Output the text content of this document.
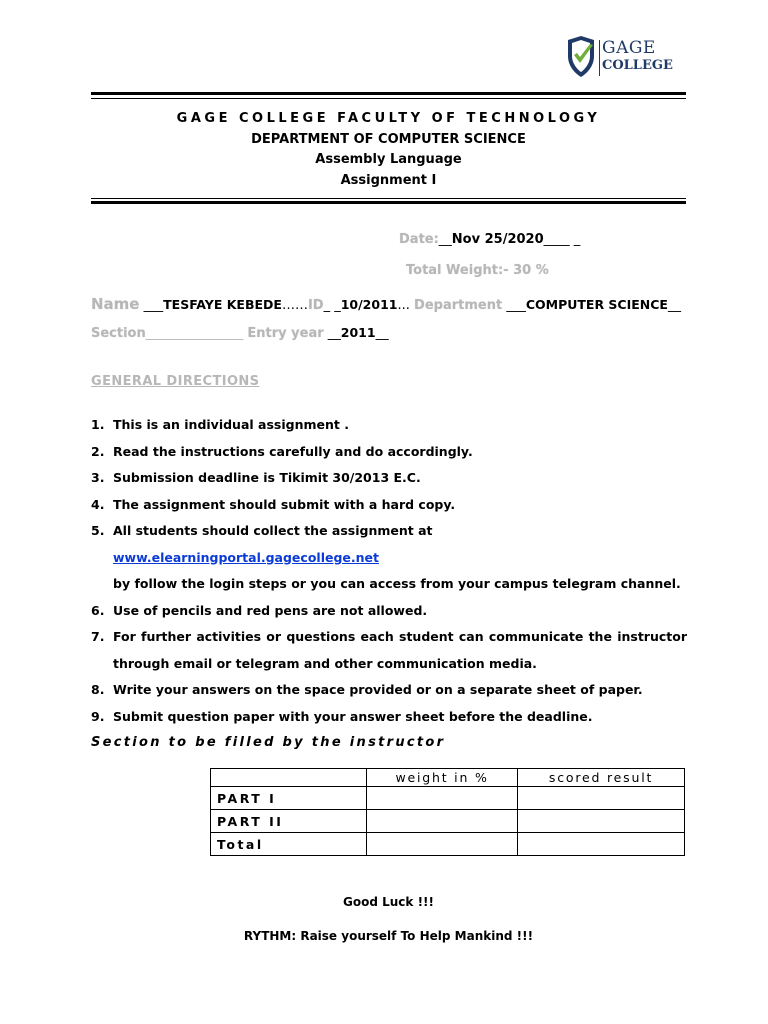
GAGE
COLLEGE
GAGE COLLEGE FACULTY OF TECHNOLOGY
DEPARTMENT OF COMPUTER SCIENCE
Assembly Language
Assignment I
Date:__Nov 25/2020____ _
Total Weight:- 30 %
Name ___TESFAYE KEBEDE……ID_ _10/2011... Department ___COMPUTER SCIENCE__
Section_______________ Entry year __2011__
GENERAL DIRECTIONS
1. This is an individual assignment .
2. Read the instructions carefully and do accordingly.
3. Submission deadline is Tikimit 30/2013 E.C.
4. The assignment should submit with a hard copy.
5. All students should collect the assignment at www.elearningportal.gagecollege.net
by follow the login steps or you can access from your campus telegram channel.
6. Use of pencils and red pens are not allowed.
7. For further activities or questions each student can communicate the instructor
through email or telegram and other communication media.
8. Write your answers on the space provided or on a separate sheet of paper.
9. Submit question paper with your answer sheet before the deadline.
Section to be filled by the instructor
	weight in %	scored result
PART I		
PART II		
Total		
Good Luck !!!
RYTHM: Raise yourself To Help Mankind !!!
